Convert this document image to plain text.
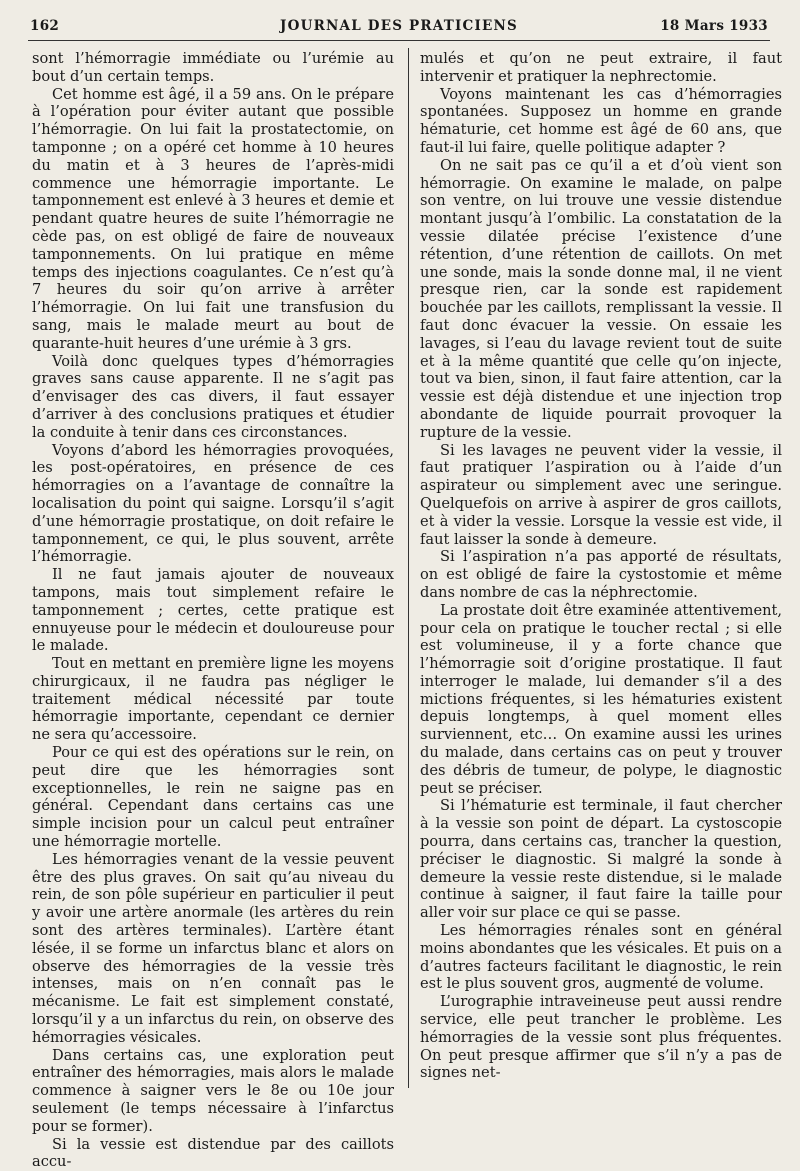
162	JOURNAL DES PRATICIENS	18 Mars 1933

sont l’hémorragie immédiate ou l’urémie au bout d’un certain temps.

Cet homme est âgé, il a 59 ans. On le prépare à l’opération pour éviter autant que possible l’hémorragie. On lui fait la prostatectomie, on tamponne ; on a opéré cet homme à 10 heures du matin et à 3 heures de l’après-midi commence une hémorragie importante. Le tamponnement est enlevé à 3 heures et demie et pendant quatre heures de suite l’hémorragie ne cède pas, on est obligé de faire de nouveaux tamponnements. On lui pratique en même temps des injections coagulantes. Ce n’est qu’à 7 heures du soir qu’on arrive à arrêter l’hémorragie. On lui fait une transfusion du sang, mais le malade meurt au bout de quarante-huit heures d’une urémie à 3 grs.

Voilà donc quelques types d’hémorragies graves sans cause apparente. Il ne s’agit pas d’envisager des cas divers, il faut essayer d’arriver à des conclusions pratiques et étudier la conduite à tenir dans ces circonstances.

Voyons d’abord les hémorragies provoquées, les post-opératoires, en présence de ces hémorragies on a l’avantage de connaître la localisation du point qui saigne. Lorsqu’il s’agit d’une hémorragie prostatique, on doit refaire le tamponnement, ce qui, le plus souvent, arrête l’hémorragie.

Il ne faut jamais ajouter de nouveaux tampons, mais tout simplement refaire le tamponnement ; certes, cette pratique est ennuyeuse pour le médecin et douloureuse pour le malade.

Tout en mettant en première ligne les moyens chirurgicaux, il ne faudra pas négliger le traitement médical nécessité par toute hémorragie importante, cependant ce dernier ne sera qu’accessoire.

Pour ce qui est des opérations sur le rein, on peut dire que les hémorragies sont exceptionnelles, le rein ne saigne pas en général. Cependant dans certains cas une simple incision pour un calcul peut entraîner une hémorragie mortelle.

Les hémorragies venant de la vessie peuvent être des plus graves. On sait qu’au niveau du rein, de son pôle supérieur en particulier il peut y avoir une artère anormale (les artères du rein sont des artères terminales). L’artère étant lésée, il se forme un infarctus blanc et alors on observe des hémorragies de la vessie très intenses, mais on n’en connaît pas le mécanisme. Le fait est simplement constaté, lorsqu’il y a un infarctus du rein, on observe des hémorragies vésicales.

Dans certains cas, une exploration peut entraîner des hémorragies, mais alors le malade commence à saigner vers le 8e ou 10e jour seulement (le temps nécessaire à l’infarctus pour se former).

Si la vessie est distendue par des caillots accu-

mulés et qu’on ne peut extraire, il faut intervenir et pratiquer la nephrectomie.

Voyons maintenant les cas d’hémorragies spontanées. Supposez un homme en grande hématurie, cet homme est âgé de 60 ans, que faut-il lui faire, quelle politique adapter ?

On ne sait pas ce qu’il a et d’où vient son hémorragie. On examine le malade, on palpe son ventre, on lui trouve une vessie distendue montant jusqu’à l’ombilic. La constatation de la vessie dilatée précise l’existence d’une rétention, d’une rétention de caillots. On met une sonde, mais la sonde donne mal, il ne vient presque rien, car la sonde est rapidement bouchée par les caillots, remplissant la vessie. Il faut donc évacuer la vessie. On essaie les lavages, si l’eau du lavage revient tout de suite et à la même quantité que celle qu’on injecte, tout va bien, sinon, il faut faire attention, car la vessie est déjà distendue et une injection trop abondante de liquide pourrait provoquer la rupture de la vessie.

Si les lavages ne peuvent vider la vessie, il faut pratiquer l’aspiration ou à l’aide d’un aspirateur ou simplement avec une seringue. Quelquefois on arrive à aspirer de gros caillots, et à vider la vessie. Lorsque la vessie est vide, il faut laisser la sonde à demeure.

Si l’aspiration n’a pas apporté de résultats, on est obligé de faire la cystostomie et même dans nombre de cas la néphrectomie.

La prostate doit être examinée attentivement, pour cela on pratique le toucher rectal ; si elle est volumineuse, il y a forte chance que l’hémorragie soit d’origine prostatique. Il faut interroger le malade, lui demander s’il a des mictions fréquentes, si les hématuries existent depuis longtemps, à quel moment elles surviennent, etc… On examine aussi les urines du malade, dans certains cas on peut y trouver des débris de tumeur, de polype, le diagnostic peut se préciser.

Si l’hématurie est terminale, il faut chercher à la vessie son point de départ. La cystoscopie pourra, dans certains cas, trancher la question, préciser le diagnostic. Si malgré la sonde à demeure la vessie reste distendue, si le malade continue à saigner, il faut faire la taille pour aller voir sur place ce qui se passe.

Les hémorragies rénales sont en général moins abondantes que les vésicales. Et puis on a d’autres facteurs facilitant le diagnostic, le rein est le plus souvent gros, augmenté de volume.

L’urographie intraveineuse peut aussi rendre service, elle peut trancher le problème. Les hémorragies de la vessie sont plus fréquentes. On peut presque affirmer que s’il n’y a pas de signes net-
